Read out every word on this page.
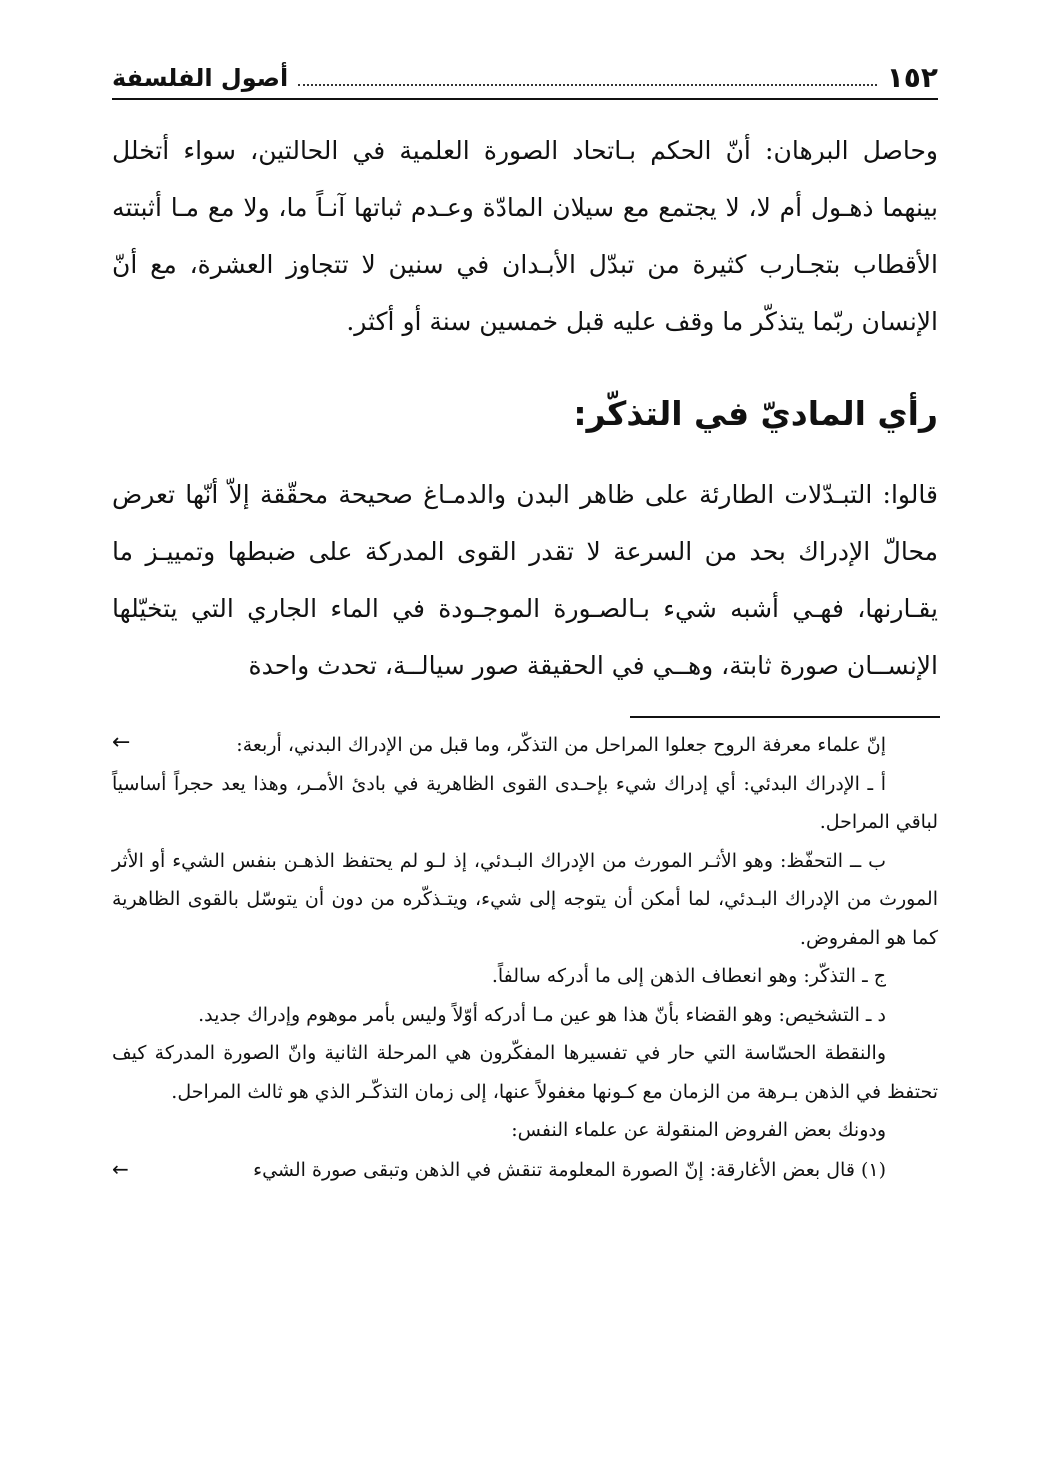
١٥٢
أصول الفلسفة

وحاصل البرهان: أنّ الحكم بـاتحاد الصورة العلمية في الحالتين، سواء أتخلل بينهما ذهـول أم لا، لا يجتمع مع سيلان المادّة وعـدم ثباتها آنـاً ما، ولا مع مـا أثبتته الأقطاب بتجـارب كثيرة من تبدّل الأبـدان في سنين لا تتجاوز العشرة، مع أنّ الإنسان ربّما يتذكّر ما وقف عليه قبل خمسين سنة أو أكثر.

رأي الماديّ في التذكّر:

قالوا: التبـدّلات الطارئة على ظاهر البدن والدمـاغ صحيحة محقّقة إلاّ أنّها تعرض محالّ الإدراك بحد من السرعة لا تقدر القوى المدركة على ضبطها وتمييـز ما يقـارنها، فهـي أشبه شيء بـالصـورة الموجـودة في الماء الجاري التي يتخيّلها الإنســان صورة ثابتة، وهــي في الحقيقة صور سيالــة، تحدث واحدة

←	إنّ علماء معرفة الروح جعلوا المراحل من التذكّر، وما قبل من الإدراك البدني، أربعة:

أ ـ الإدراك البدئي: أي إدراك شيء بإحـدى القوى الظاهرية في بادئ الأمـر، وهذا يعد حجراً أساسياً لباقي المراحل.

ب ــ التحفّظ: وهو الأثـر المورث من الإدراك البـدئي، إذ لـو لم يحتفظ الذهـن بنفس الشيء أو الأثر المورث من الإدراك البـدئي، لما أمكن أن يتوجه إلى شيء، ويتـذكّره من دون أن يتوسّل بالقوى الظاهرية كما هو المفروض.

ج ـ التذكّر: وهو انعطاف الذهن إلى ما أدركه سالفاً.

د ـ التشخيص: وهو القضاء بأنّ هذا هو عين مـا أدركه أوّلاً وليس بأمر موهوم وإدراك جديد.

والنقطة الحسّاسة التي حار في تفسيرها المفكّرون هي المرحلة الثانية وانّ الصورة المدركة كيف تحتفظ في الذهن بـرهة من الزمان مع كـونها مغفولاً عنها، إلى زمان التذكّـر الذي هو ثالث المراحل.

ودونك بعض الفروض المنقولة عن علماء النفس:

(١) قال بعض الأغارقة: إنّ الصورة المعلومة تنقش في الذهن وتبقى صورة الشيء
←
